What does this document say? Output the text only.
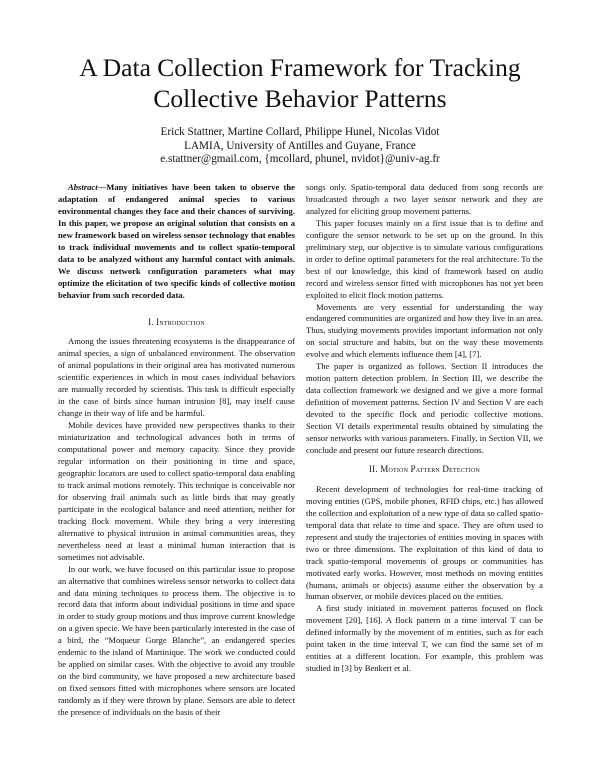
A Data Collection Framework for Tracking
Collective Behavior Patterns
Erick Stattner, Martine Collard, Philippe Hunel, Nicolas Vidot
LAMIA, University of Antilles and Guyane, France
e.stattner@gmail.com, {mcollard, phunel, nvidot}@univ-ag.fr

Abstract—Many initiatives have been taken to observe the adaptation of endangered animal species to various environmental changes they face and their chances of surviving. In this paper, we propose an original solution that consists on a new framework based on wireless sensor technology that enables to track individual movements and to collect spatio-temporal data to be analyzed without any harmful contact with animals. We discuss network configuration parameters what may optimize the elicitation of two specific kinds of collective motion behavior from such recorded data.

I. Introduction

Among the issues threatening ecosystems is the disappearance of animal species, a sign of unbalanced environment. The observation of animal populations in their original area has motivated numerous scientific experiences in which in most cases individual behaviors are manually recorded by scientists. This task is difficult especially in the case of birds since human intrusion [8], may itself cause change in their way of life and be harmful.

Mobile devices have provided new perspectives thanks to their miniaturization and technological advances both in terms of computational power and memory capacity. Since they provide regular information on their positioning in time and space, geographic locators are used to collect spatio-temporal data enabling to track animal motions remotely. This technique is conceivable nor for observing frail animals such as little birds that may greatly participate in the ecological balance and need attention, neither for tracking flock movement. While they bring a very interesting alternative to physical intrusion in animal communities areas, they nevertheless need at least a minimal human interaction that is sometimes not advisable.

In our work, we have focused on this particular issue to propose an alternative that combines wireless sensor networks to collect data and data mining techniques to process them. The objective is to record data that inform about individual positions in time and space in order to study group motions and thus improve current knowledge on a given specie. We have been particularly interested in the case of a bird, the “Moqueur Gorge Blanche”, an endangered species endemic to the island of Martinique. The work we conducted could be applied on similar cases. With the objective to avoid any trouble on the bird community, we have proposed a new architecture based on fixed sensors fitted with microphones where sensors are located randomly as if they were thrown by plane. Sensors are able to detect the presence of individuals on the basis of their

songs only. Spatio-temporal data deduced from song records are broadcasted through a two layer sensor network and they are analyzed for eliciting group movement patterns.

This paper focuses mainly on a first issue that is to define and configure the sensor network to be set up on the ground. In this preliminary step, our objective is to simulate various configurations in order to define optimal parameters for the real architecture. To the best of our knowledge, this kind of framework based on audio record and wireless sensor fitted with microphones has not yet been exploited to elicit flock motion patterns.

Movements are very essential for understanding the way endangered communities are organized and how they live in an area. Thus, studying movements provides important information not only on social structure and habits, but on the way these movements evolve and which elements influence them [4], [7].

The paper is organized as follows. Section II introduces the motion pattern detection problem. In Section III, we describe the data collection framework we designed and we give a more formal definition of movement patterns. Section IV and Section V are each devoted to the specific flock and periodic collective motions. Section VI details experimental results obtained by simulating the sensor networks with various parameters. Finally, in Section VII, we conclude and present our future research directions.

II. Motion Pattern Detection

Recent development of technologies for real-time tracking of moving entities (GPS, mobile phones, RFID chips, etc.) has allowed the collection and exploitation of a new type of data so called spatio-temporal data that relate to time and space. They are often used to represent and study the trajectories of entities moving in spaces with two or three dimensions. The exploitation of this kind of data to track spatio-temporal movements of groups or communities has motivated early works. However, most methods on moving entities (humans, animals or objects) assume either the observation by a human observer, or mobile devices placed on the entities.

A first study initiated in movement patterns focused on flock movement [20], [16]. A flock pattern in a time interval T can be defined informally by the movement of m entities, such as for each point taken in the time interval T, we can find the same set of m entities at a different location. For example, this problem was studied in [3] by Benkert et al.
